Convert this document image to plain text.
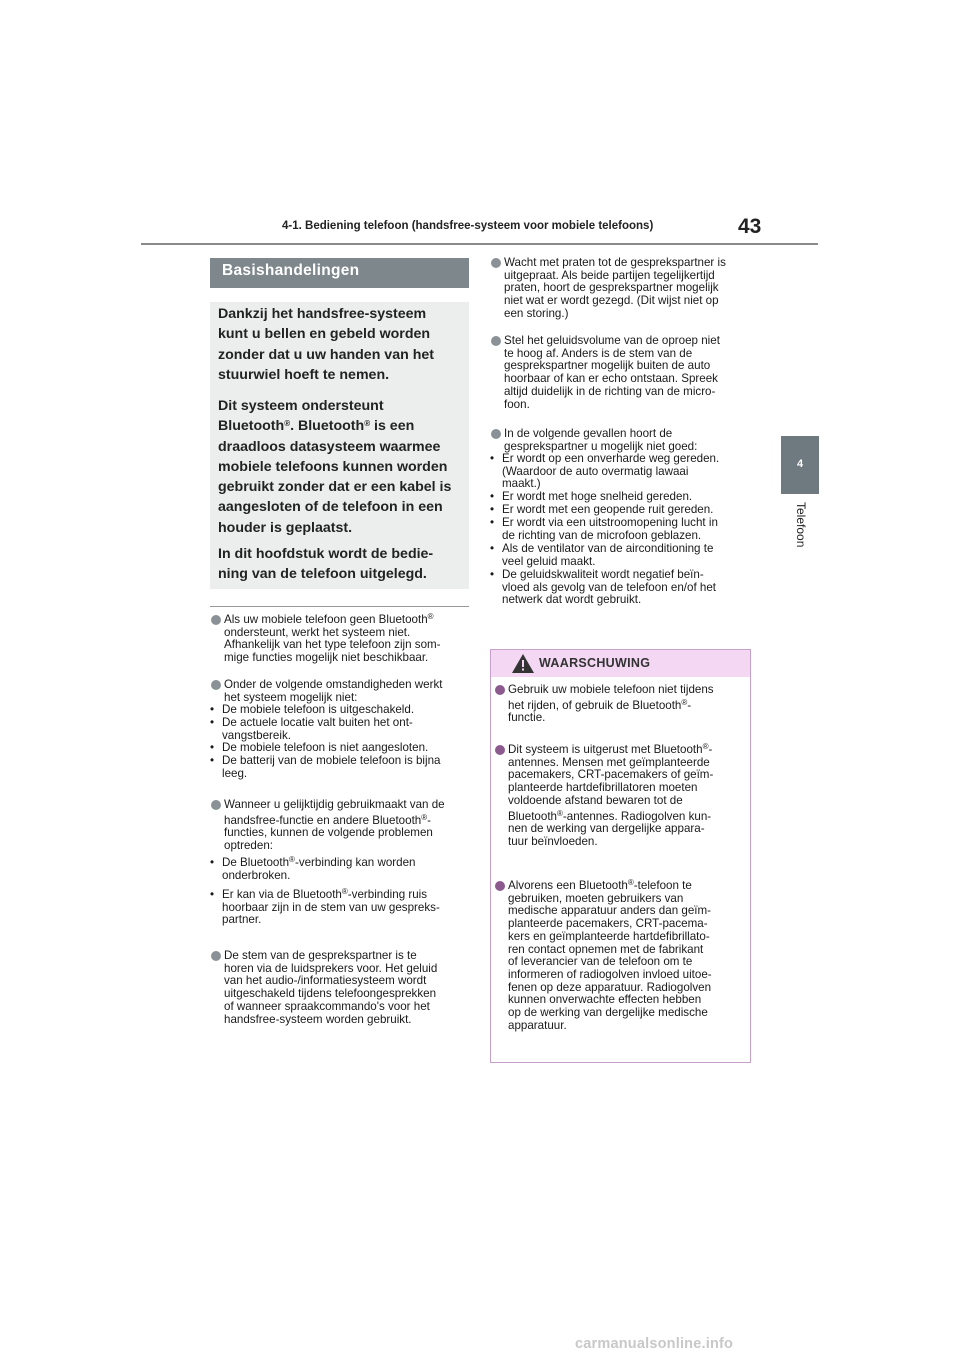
4-1. Bediening telefoon (handsfree-systeem voor mobiele telefoons)	43
4
Telefoon
Basishandelingen
Dankzij het handsfree-systeem
kunt u bellen en gebeld worden
zonder dat u uw handen van het
stuurwiel hoeft te nemen.
Dit systeem ondersteunt
Bluetooth®. Bluetooth® is een
draadloos datasysteem waarmee
mobiele telefoons kunnen worden
gebruikt zonder dat er een kabel is
aangesloten of de telefoon in een
houder is geplaatst.
In dit hoofdstuk wordt de bedie-
ning van de telefoon uitgelegd.
Als uw mobiele telefoon geen Bluetooth®
ondersteunt, werkt het systeem niet.
Afhankelijk van het type telefoon zijn som-
mige functies mogelijk niet beschikbaar.
Onder de volgende omstandigheden werkt
het systeem mogelijk niet:
• De mobiele telefoon is uitgeschakeld.
• De actuele locatie valt buiten het ont-
vangstbereik.
• De mobiele telefoon is niet aangesloten.
• De batterij van de mobiele telefoon is bijna
leeg.
Wanneer u gelijktijdig gebruikmaakt van de
handsfree-functie en andere Bluetooth®-
functies, kunnen de volgende problemen
optreden:
• De Bluetooth®-verbinding kan worden
onderbroken.
• Er kan via de Bluetooth®-verbinding ruis
hoorbaar zijn in de stem van uw gespreks-
partner.
De stem van de gesprekspartner is te
horen via de luidsprekers voor. Het geluid
van het audio-/informatiesysteem wordt
uitgeschakeld tijdens telefoongesprekken
of wanneer spraakcommando's voor het
handsfree-systeem worden gebruikt.
Wacht met praten tot de gesprekspartner is
uitgepraat. Als beide partijen tegelijkertijd
praten, hoort de gesprekspartner mogelijk
niet wat er wordt gezegd. (Dit wijst niet op
een storing.)
Stel het geluidsvolume van de oproep niet
te hoog af. Anders is de stem van de
gesprekspartner mogelijk buiten de auto
hoorbaar of kan er echo ontstaan. Spreek
altijd duidelijk in de richting van de micro-
foon.
In de volgende gevallen hoort de
gesprekspartner u mogelijk niet goed:
• Er wordt op een onverharde weg gereden.
(Waardoor de auto overmatig lawaai
maakt.)
• Er wordt met hoge snelheid gereden.
• Er wordt met een geopende ruit gereden.
• Er wordt via een uitstroomopening lucht in
de richting van de microfoon geblazen.
• Als de ventilator van de airconditioning te
veel geluid maakt.
• De geluidskwaliteit wordt negatief beïn-
vloed als gevolg van de telefoon en/of het
netwerk dat wordt gebruikt.
WAARSCHUWING
Gebruik uw mobiele telefoon niet tijdens
het rijden, of gebruik de Bluetooth®-
functie.
Dit systeem is uitgerust met Bluetooth®-
antennes. Mensen met geïmplanteerde
pacemakers, CRT-pacemakers of geïm-
planteerde hartdefibrillatoren moeten
voldoende afstand bewaren tot de
Bluetooth®-antennes. Radiogolven kun-
nen de werking van dergelijke appara-
tuur beïnvloeden.
Alvorens een Bluetooth®-telefoon te
gebruiken, moeten gebruikers van
medische apparatuur anders dan geïm-
planteerde pacemakers, CRT-pacema-
kers en geïmplanteerde hartdefibrillato-
ren contact opnemen met de fabrikant
of leverancier van de telefoon om te
informeren of radiogolven invloed uitoe-
fenen op deze apparatuur. Radiogolven
kunnen onverwachte effecten hebben
op de werking van dergelijke medische
apparatuur.
carmanualsonline.info
